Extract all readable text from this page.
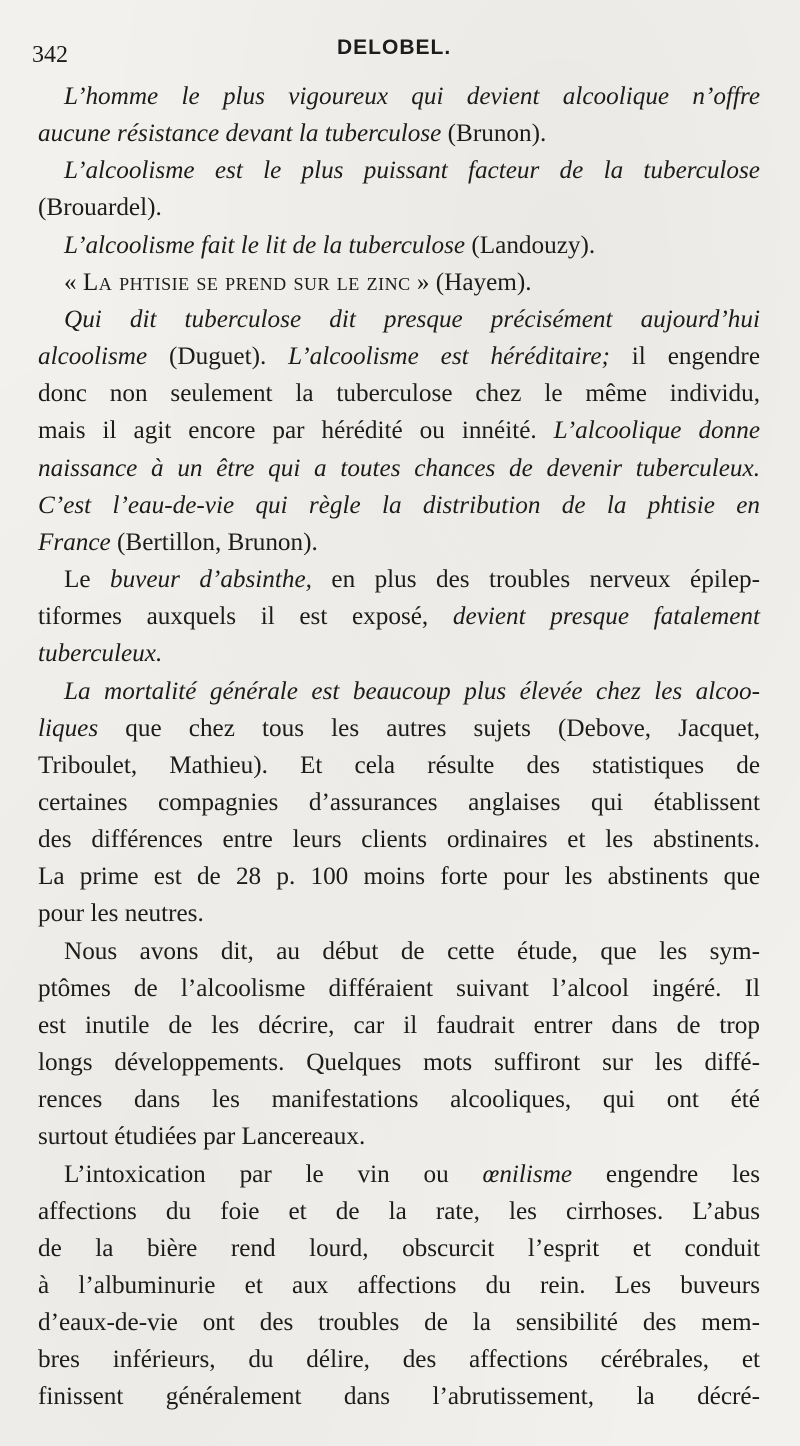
342	DELOBEL.
L’homme le plus vigoureux qui devient alcoolique n’offre
aucune résistance devant la tuberculose (Brunon).
L’alcoolisme est le plus puissant facteur de la tuberculose
(Brouardel).
L’alcoolisme fait le lit de la tuberculose (Landouzy).
« La phtisie se prend sur le zinc » (Hayem).
Qui dit tuberculose dit presque précisément aujourd’hui
alcoolisme (Duguet). L’alcoolisme est héréditaire; il engendre
donc non seulement la tuberculose chez le même individu,
mais il agit encore par hérédité ou innéité. L’alcoolique donne
naissance à un être qui a toutes chances de devenir tuberculeux.
C’est l’eau-de-vie qui règle la distribution de la phtisie en
France (Bertillon, Brunon).
Le buveur d’absinthe, en plus des troubles nerveux épilep-
tiformes auxquels il est exposé, devient presque fatalement
tuberculeux.
La mortalité générale est beaucoup plus élevée chez les alcoo-
liques que chez tous les autres sujets (Debove, Jacquet,
Triboulet, Mathieu). Et cela résulte des statistiques de
certaines compagnies d’assurances anglaises qui établissent
des différences entre leurs clients ordinaires et les abstinents.
La prime est de 28 p. 100 moins forte pour les abstinents que
pour les neutres.
Nous avons dit, au début de cette étude, que les sym-
ptômes de l’alcoolisme différaient suivant l’alcool ingéré. Il
est inutile de les décrire, car il faudrait entrer dans de trop
longs développements. Quelques mots suffiront sur les diffé-
rences dans les manifestations alcooliques, qui ont été
surtout étudiées par Lancereaux.
L’intoxication par le vin ou œnilisme engendre les
affections du foie et de la rate, les cirrhoses. L’abus
de la bière rend lourd, obscurcit l’esprit et conduit
à l’albuminurie et aux affections du rein. Les buveurs
d’eaux-de-vie ont des troubles de la sensibilité des mem-
bres inférieurs, du délire, des affections cérébrales, et
finissent généralement dans l’abrutissement, la décré-
